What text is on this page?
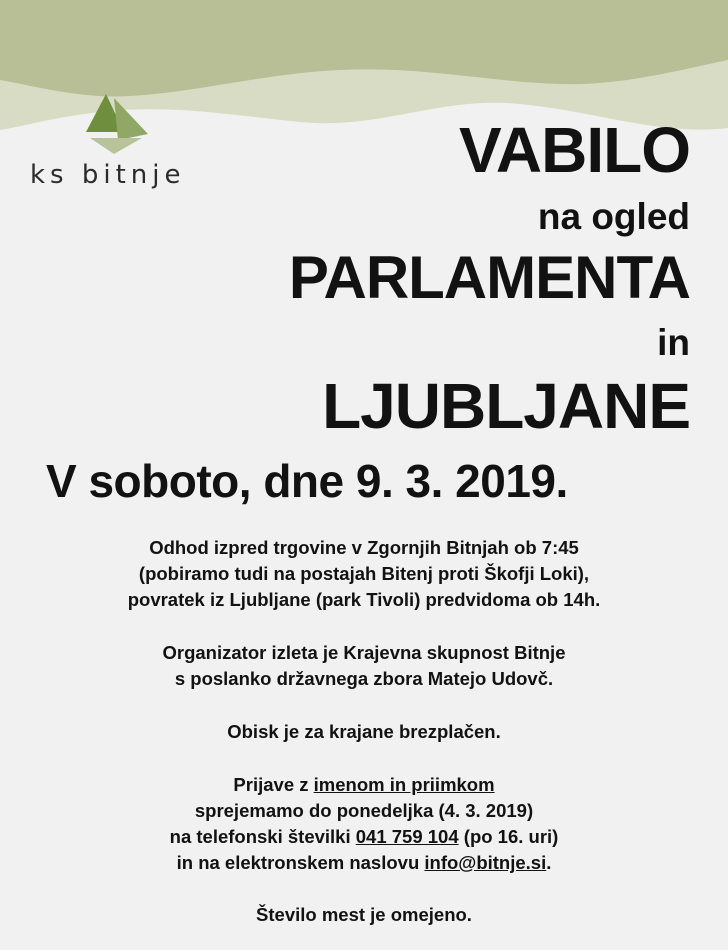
ks bitnje	VABILO
na ogled
PARLAMENTA
in
LJUBLJANE
V soboto, dne 9. 3. 2019.

Odhod izpred trgovine v Zgornjih Bitnjah ob 7:45

(pobiramo tudi na postajah Bitenj proti Škofji Loki),

povratek iz Ljubljane (park Tivoli) predvidoma ob 14h.

Organizator izleta je Krajevna skupnost Bitnje

s poslanko državnega zbora Matejo Udovč.

Obisk je za krajane brezplačen.

Prijave z imenom in priimkom

sprejemamo do ponedeljka (4. 3. 2019)

na telefonski številki 041 759 104 (po 16. uri)

in na elektronskem naslovu info@bitnje.si.

Število mest je omejeno.
